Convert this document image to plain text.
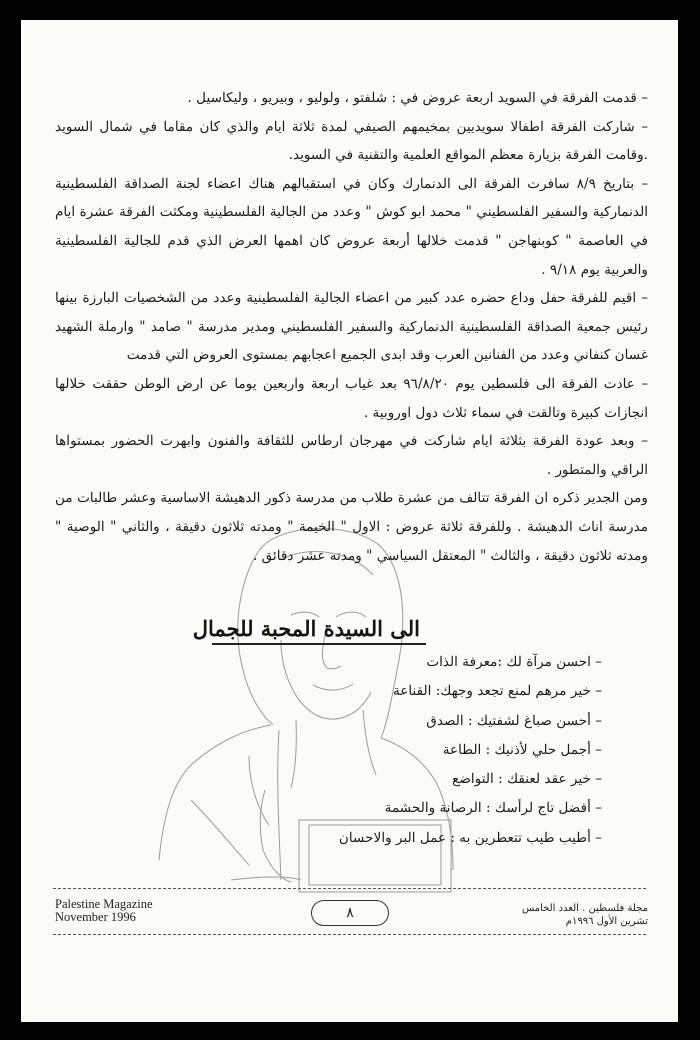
– قدمت الفرقة في السويد اربعة عروض في : شلفتو ، ولوليو ، وبيريو ، وليكاسيل .

– شاركت الفرقة اطفالا سويديين بمخيمهم الصيفي لمدة ثلاثة ايام والذي كان مقاما في شمال السويد .وقامت الفرقة بزيارة معظم المواقع العلمية والتقنية في السويد.

– بتاريخ ٨/٩ سافرت الفرقة الى الدنمارك وكان في استقبالهم هناك اعضاء لجنة الصداقة الفلسطينية الدنماركية والسفير الفلسطيني " محمد ابو كوش " وعدد من الجالية الفلسطينية ومكثت الفرقة عشرة ايام في العاصمة " كوبنهاجن " قدمت خلالها أربعة عروض كان اهمها العرض الذي قدم للجالية الفلسطينية والعربية يوم ٩/١٨ .

– اقيم للفرقة حفل وداع حضره عدد كبير من اعضاء الجالية الفلسطينية وعدد من الشخصيات البارزة بينها رئيس جمعية الصداقة الفلسطينية الدنماركية والسفير الفلسطيني ومدير مدرسة " صامد " وارملة الشهيد غسان كنفاني وعدد من الفنانين العرب وقد ابدى الجميع اعجابهم بمستوى العروض التي قدمت

– عادت الفرقة الى فلسطين يوم ٩٦/٨/٢٠ بعد غياب اربعة واربعين يوما عن ارض الوطن حققت خلالها انجازات كبيرة وتالقت في سماء ثلاث دول اوروبية .

– وبعد عودة الفرقة بثلاثة ايام شاركت في مهرجان ارطاس للثقافة والفنون وابهرت الحضور بمستواها الراقي والمتطور .

ومن الجدير ذكره ان الفرقة تتالف من عشرة طلاب من مدرسة ذكور الدهيشة الاساسية وعشر طالبات من مدرسة اناث الدهيشة . وللفرقة ثلاثة عروض : الاول " الخيمة " ومدته ثلاثون دقيقة ، والثاني " الوصية " ومدته ثلاثون دقيقة ، والثالث " المعتقل السياسي " ومدته عشر دقائق .

الى السيدة المحبة للجمال
– احسن مرآة لك :معرفة الذات
– خير مرهم لمنع تجعد وجهك: القناعة
– أحسن صباغ لشفتيك : الصدق
– أجمل حلي لأذنيك : الطاعة
– خير عقد لعنقك : التواضع
– أفضل تاج لرأسك : الرصانة والحشمة
– أطيب طيب تتعطرين به : عمل البر والاحسان
Palestine Magazine
November 1996	٨	مجلة فلسطين . العدد الخامس
تشرين الأول ١٩٩٦م
